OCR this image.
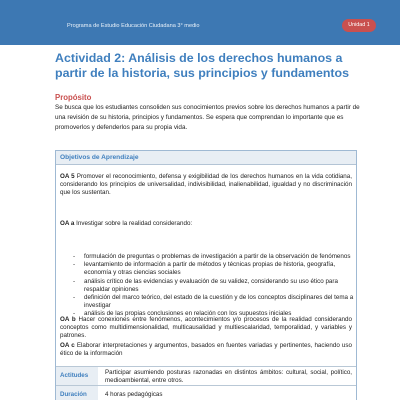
Programa de Estudio Educación Ciudadana 3° medio	Unidad 1
Actividad 2: Análisis de los derechos humanos a partir de la historia, sus principios y fundamentos
Propósito

Se busca que los estudiantes consoliden sus conocimientos previos sobre los derechos humanos a partir de una revisión de su historia, principios y fundamentos. Se espera que comprendan lo importante que es promoverlos y defenderlos para su propia vida.

Objetivos de Aprendizaje

OA 5 Promover el reconocimiento, defensa y exigibilidad de los derechos humanos en la vida cotidiana, considerando los principios de universalidad, indivisibilidad, inalienabilidad, igualdad y no discriminación que los sustentan.

OA a Investigar sobre la realidad considerando:

- formulación de preguntas o problemas de investigación a partir de la observación de fenómenos
- levantamiento de información a partir de métodos y técnicas propias de historia, geografía, economía y otras ciencias sociales
- análisis crítico de las evidencias y evaluación de su validez, considerando su uso ético para respaldar opiniones
- definición del marco teórico, del estado de la cuestión y de los conceptos disciplinares del tema a investigar
- análisis de las propias conclusiones en relación con los supuestos iniciales

OA b Hacer conexiones entre fenómenos, acontecimientos y/o procesos de la realidad considerando conceptos como multidimensionalidad, multicausalidad y multiescalaridad, temporalidad, y variables y patrones.

OA c Elaborar interpretaciones y argumentos, basados en fuentes variadas y pertinentes, haciendo uso ético de la información

Actitudes	Participar asumiendo posturas razonadas en distintos ámbitos: cultural, social, político, medioambiental, entre otros.
Duración	4 horas pedagógicas
